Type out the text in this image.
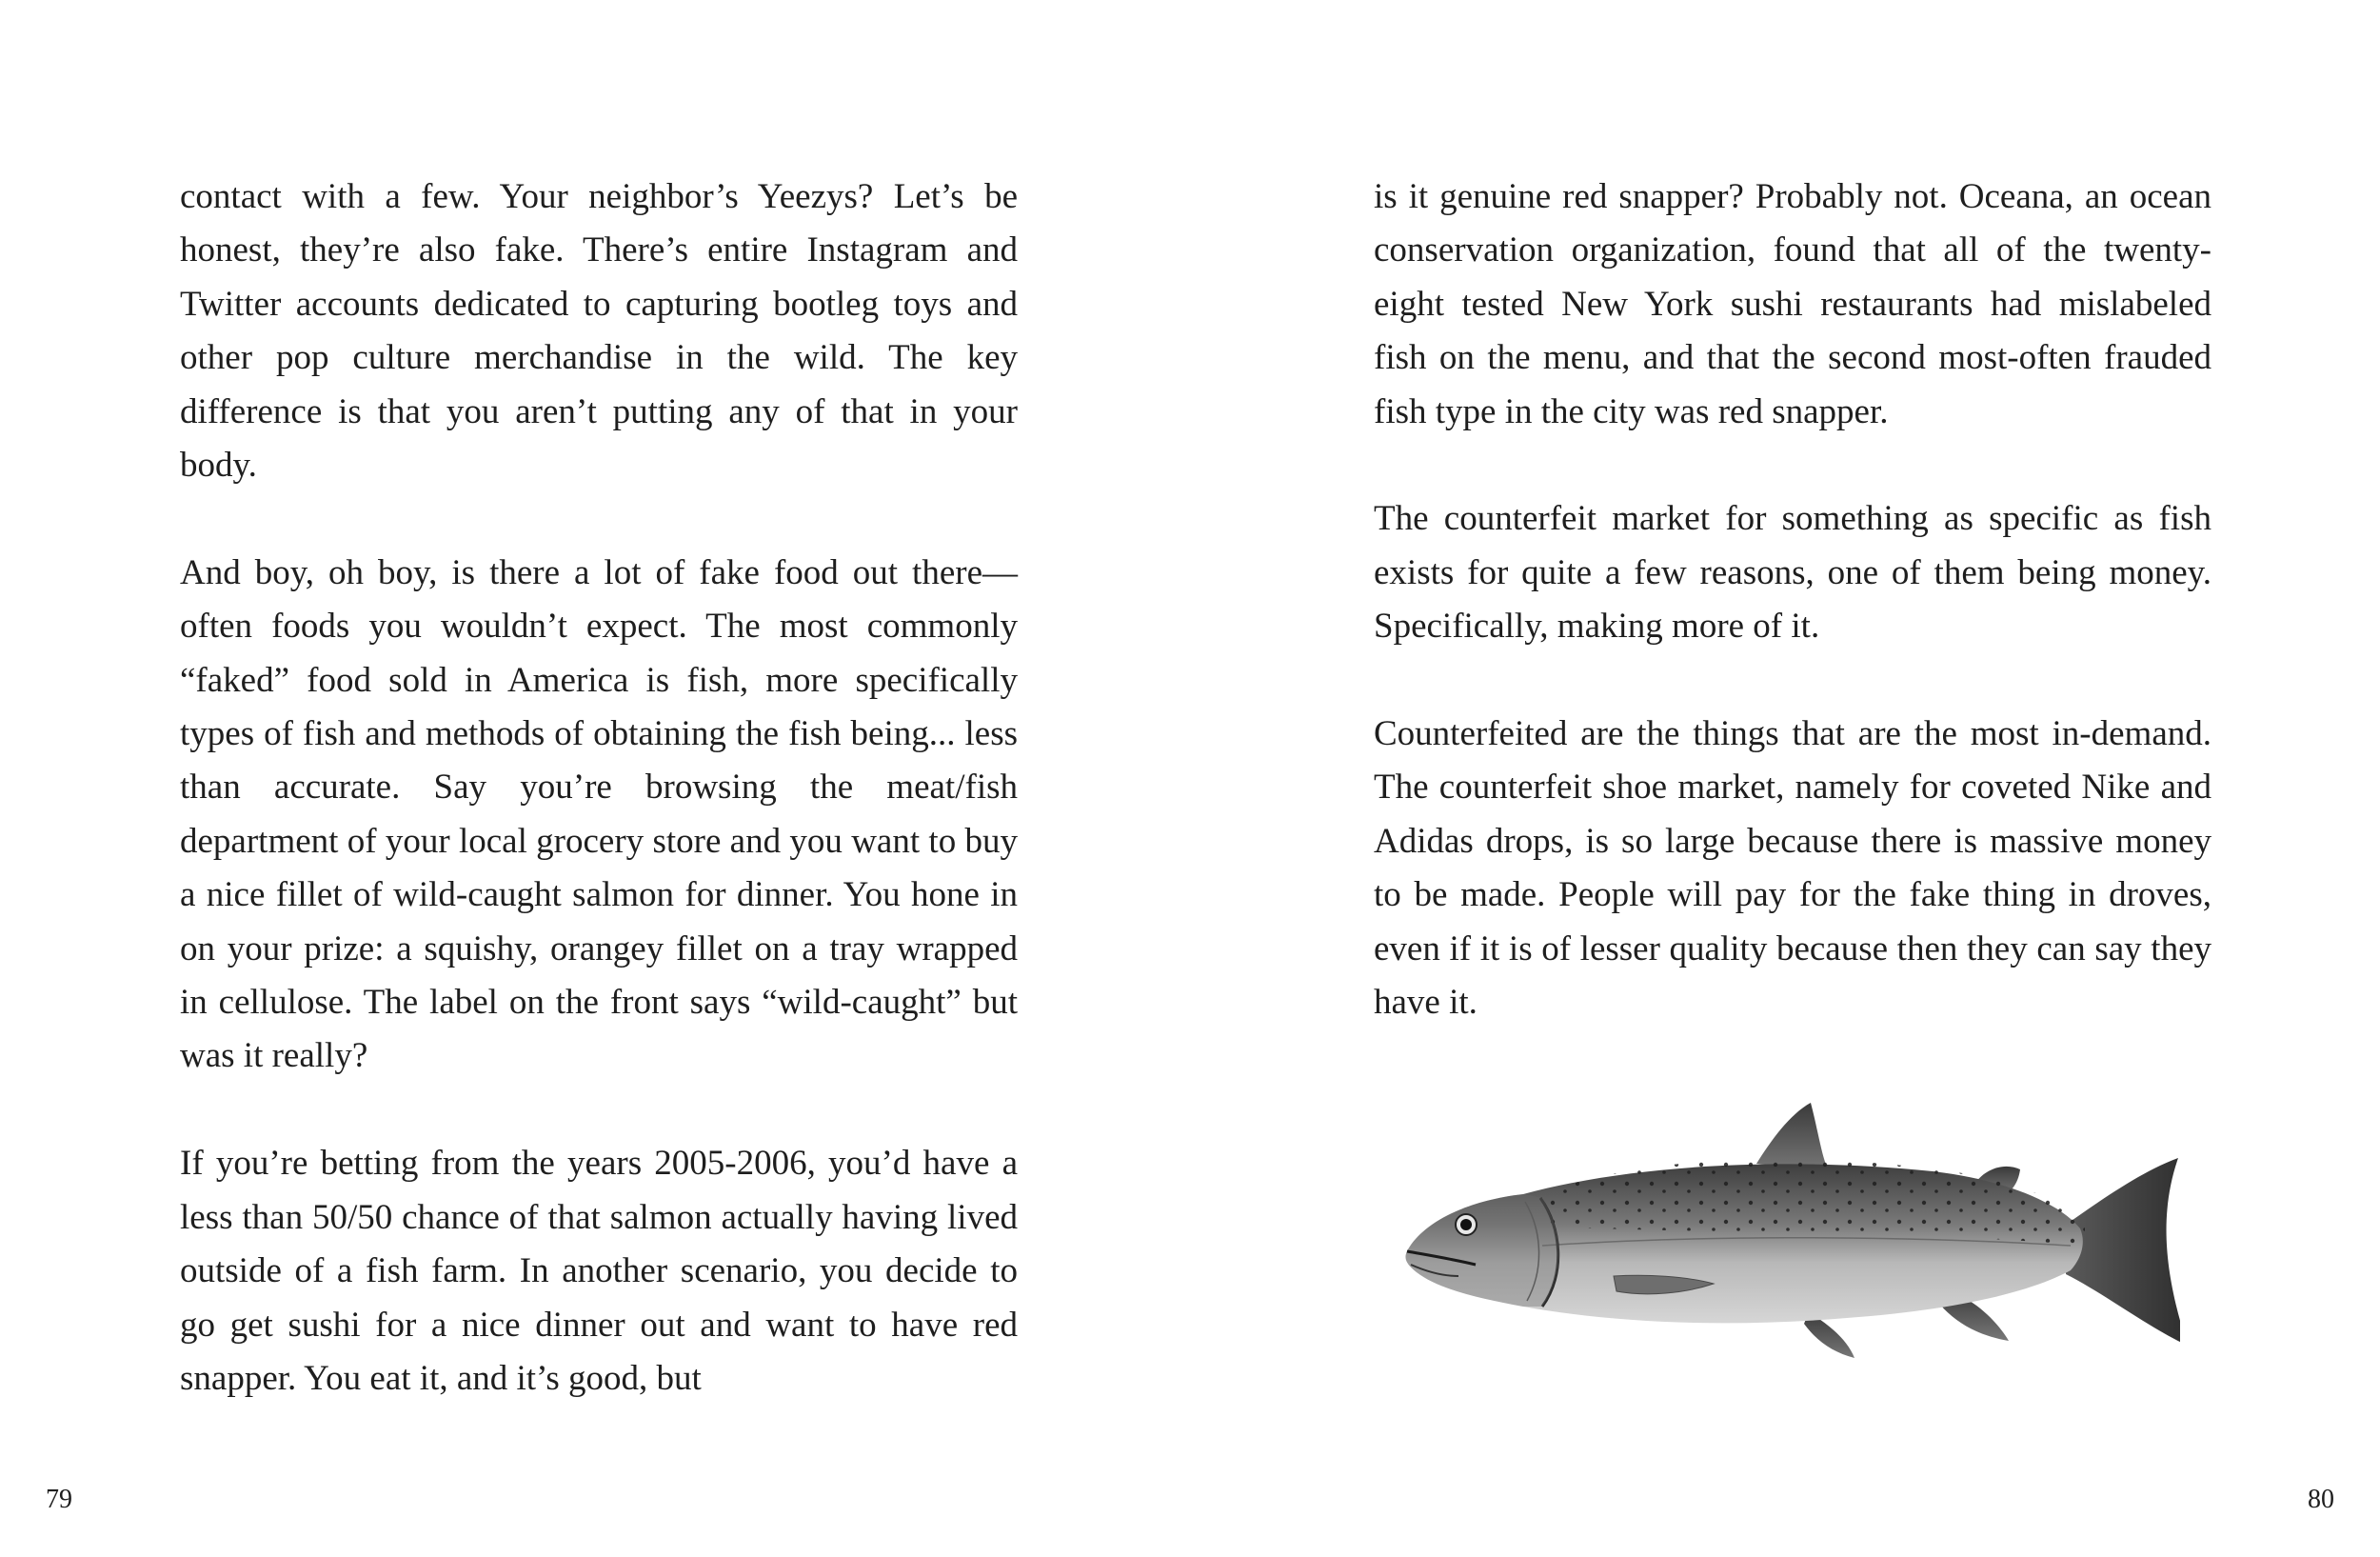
contact with a few. Your neighbor’s Yeezys? Let’s be honest, they’re also fake. There’s entire Instagram and Twitter accounts dedicated to capturing bootleg toys and other pop culture merchandise in the wild. The key difference is that you aren’t putting any of that in your body.

And boy, oh boy, is there a lot of fake food out there—often foods you wouldn’t expect. The most commonly “faked” food sold in America is fish, more specifically types of fish and methods of obtaining the fish being... less than accurate. Say you’re browsing the meat/fish department of your local grocery store and you want to buy a nice fillet of wild-caught salmon for dinner. You hone in on your prize: a squishy, orangey fillet on a tray wrapped in cellulose. The label on the front says “wild-caught” but was it really?

If you’re betting from the years 2005-2006, you’d have a less than 50/50 chance of that salmon actually having lived outside of a fish farm. In another scenario, you decide to go get sushi for a nice dinner out and want to have red snapper. You eat it, and it’s good, but

79

is it genuine red snapper? Probably not. Oceana, an ocean conservation organization, found that all of the twenty-eight tested New York sushi restaurants had mislabeled fish on the menu, and that the second most-often frauded fish type in the city was red snapper.

The counterfeit market for something as specific as fish exists for quite a few reasons, one of them being money. Specifically, making more of it.

Counterfeited are the things that are the most in-demand. The counterfeit shoe market, namely for coveted Nike and Adidas drops, is so large because there is massive money to be made. People will pay for the fake thing in droves, even if it is of lesser quality because then they can say they have it.

80
